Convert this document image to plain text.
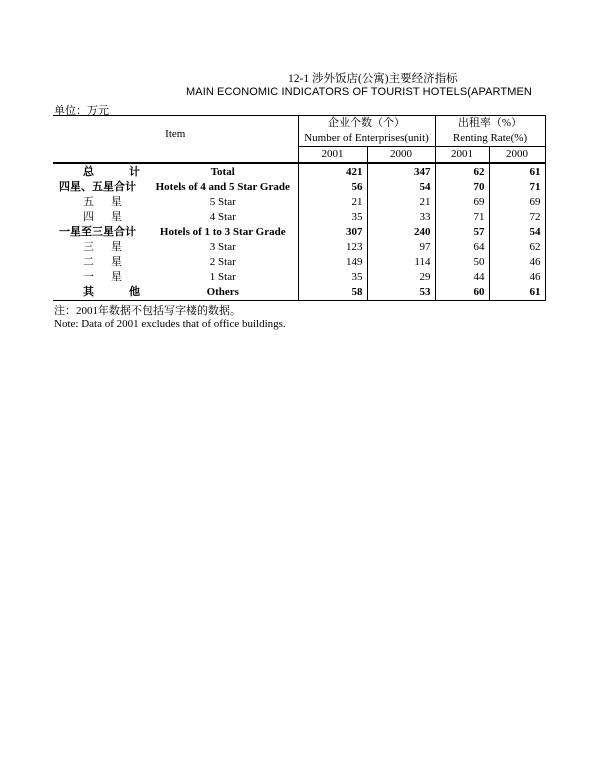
12-1 涉外饭店(公寓)主要经济指标
MAIN ECONOMIC INDICATORS OF TOURIST HOTELS(APARTMEN
单位：万元
Item		企业个数（个）		出租率（%）	
		Number of Enterprises(unit)		Renting Rate(%)	
		2001	2000	2001	2000

总 计	Total	421	347	62	61
四星、五星合计	Hotels of 4 and 5 Star Grade	56	54	70	71

五 星	5 Star	21	21	69	69

四 星	4 Star	35	33	71	72
一星至三星合计	Hotels of 1 to 3 Star Grade	307	240	57	54

三 星	3 Star	123	97	64	62

二 星	2 Star	149	114	50	46

一 星	1 Star	35	29	44	46

其 他	Others	58	53	60	61
注：2001年数据不包括写字楼的数据。
Note: Data of 2001 excludes that of office buildings.
